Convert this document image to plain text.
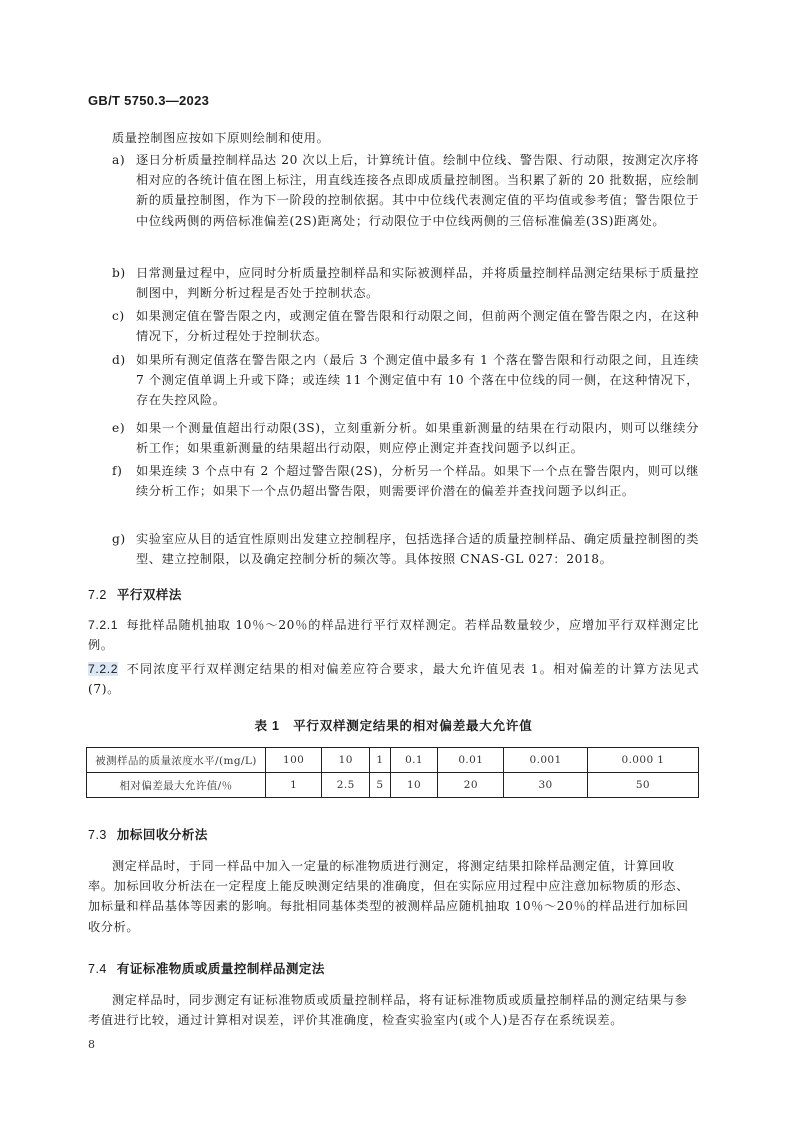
GB/T 5750.3—2023
质量控制图应按如下原则绘制和使用。
a) 逐日分析质量控制样品达 20 次以上后，计算统计值。绘制中位线、警告限、行动限，按测定次序将相对应的各统计值在图上标注，用直线连接各点即成质量控制图。当积累了新的 20 批数据，应绘制新的质量控制图，作为下一阶段的控制依据。其中中位线代表测定值的平均值或参考值；警告限位于中位线两侧的两倍标准偏差(2S)距离处；行动限位于中位线两侧的三倍标准偏差(3S)距离处。
b) 日常测量过程中，应同时分析质量控制样品和实际被测样品，并将质量控制样品测定结果标于质量控制图中，判断分析过程是否处于控制状态。
c) 如果测定值在警告限之内，或测定值在警告限和行动限之间，但前两个测定值在警告限之内，在这种情况下，分析过程处于控制状态。
d) 如果所有测定值落在警告限之内（最后 3 个测定值中最多有 1 个落在警告限和行动限之间，且连续 7 个测定值单调上升或下降；或连续 11 个测定值中有 10 个落在中位线的同一侧，在这种情况下，存在失控风险。
e) 如果一个测量值超出行动限(3S)，立刻重新分析。如果重新测量的结果在行动限内，则可以继续分析工作；如果重新测量的结果超出行动限，则应停止测定并查找问题予以纠正。
f) 如果连续 3 个点中有 2 个超过警告限(2S)，分析另一个样品。如果下一个点在警告限内，则可以继续分析工作；如果下一个点仍超出警告限，则需要评价潜在的偏差并查找问题予以纠正。
g) 实验室应从目的适宜性原则出发建立控制程序，包括选择合适的质量控制样品、确定质量控制图的类型、建立控制限，以及确定控制分析的频次等。具体按照 CNAS-GL 027：2018。
7.2 平行双样法
7.2.1 每批样品随机抽取 10％～20％的样品进行平行双样测定。若样品数量较少，应增加平行双样测定比例。
7.2.2 不同浓度平行双样测定结果的相对偏差应符合要求，最大允许值见表 1。相对偏差的计算方法见式(7)。
表 1　平行双样测定结果的相对偏差最大允许值
被测样品的质量浓度水平/(mg/L)	100	10	1	0.1	0.01	0.001	0.000 1
相对偏差最大允许值/％	1	2.5	5	10	20	30	50
7.3 加标回收分析法
测定样品时，于同一样品中加入一定量的标准物质进行测定，将测定结果扣除样品测定值，计算回收率。加标回收分析法在一定程度上能反映测定结果的准确度，但在实际应用过程中应注意加标物质的形态、加标量和样品基体等因素的影响。每批相同基体类型的被测样品应随机抽取 10％～20％的样品进行加标回收分析。
7.4 有证标准物质或质量控制样品测定法
测定样品时，同步测定有证标准物质或质量控制样品，将有证标准物质或质量控制样品的测定结果与参考值进行比较，通过计算相对误差，评价其准确度，检查实验室内(或个人)是否存在系统误差。
8
